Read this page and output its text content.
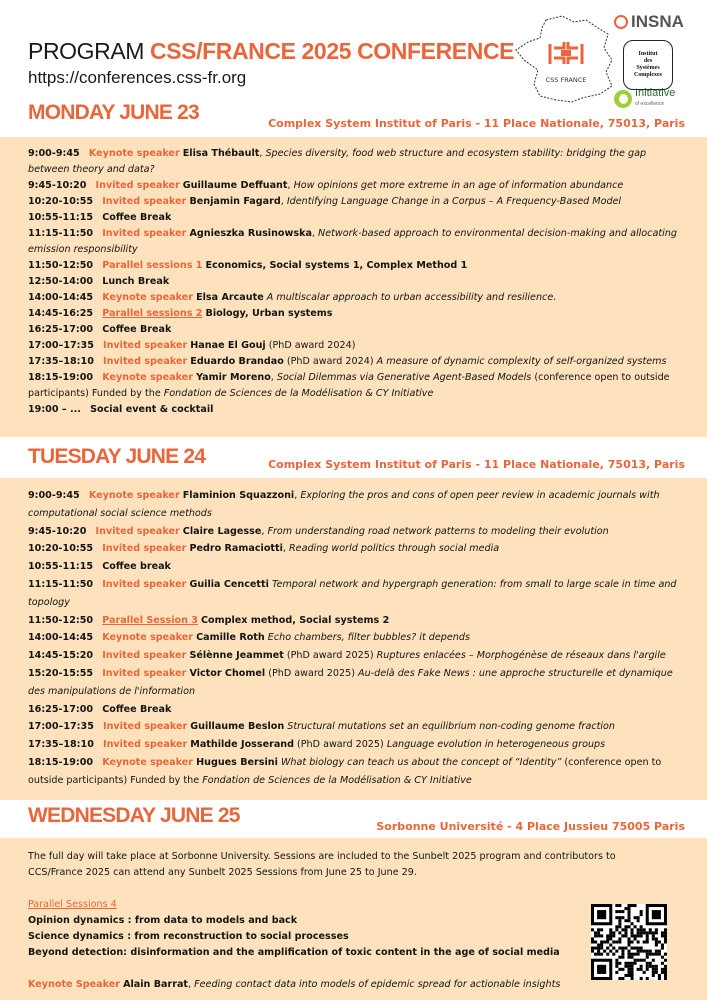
PROGRAM CSS/FRANCE 2025 CONFERENCE
https://conferences.css-fr.org	CSS FRANCE
INSNA
Institut
des
Systèmes
Complexes
Initiative
of excellence
MONDAY JUNE 23	Complex System Institut of Paris - 11 Place Nationale, 75013, Paris

9:00-9:45 Keynote speaker Elisa Thébault, Species diversity, food web structure and ecosystem stability: bridging the gap between theory and data?

9:45-10:20 Invited speaker Guillaume Deffuant, How opinions get more extreme in an age of information abundance

10:20-10:55 Invited speaker Benjamin Fagard, Identifying Language Change in a Corpus – A Frequency-Based Model

10:55-11:15 Coffee Break

11:15-11:50 Invited speaker Agnieszka Rusinowska, Network-based approach to environmental decision-making and allocating emission responsibility

11:50-12:50 Parallel sessions 1 Economics, Social systems 1, Complex Method 1

12:50-14:00 Lunch Break

14:00-14:45 Keynote speaker Elsa Arcaute A multiscalar approach to urban accessibility and resilience.

14:45-16:25 Parallel sessions 2 Biology, Urban systems

16:25-17:00 Coffee Break

17:00–17:35 Invited speaker Hanae El Gouj (PhD award 2024)

17:35–18:10 Invited speaker Eduardo Brandao (PhD award 2024) A measure of dynamic complexity of self-organized systems

18:15-19:00 Keynote speaker Yamir Moreno, Social Dilemmas via Generative Agent-Based Models (conference open to outside participants) Funded by the Fondation de Sciences de la Modélisation & CY Initiative

19:00 – ... Social event & cocktail

TUESDAY JUNE 24	Complex System Institut of Paris - 11 Place Nationale, 75013, Paris

9:00-9:45 Keynote speaker Flaminion Squazzoni, Exploring the pros and cons of open peer review in academic journals with computational social science methods

9:45-10:20 Invited speaker Claire Lagesse, From understanding road network patterns to modeling their evolution

10:20-10:55 Invited speaker Pedro Ramaciotti, Reading world politics through social media

10:55-11:15 Coffee break

11:15-11:50 Invited speaker Guilia Cencetti Temporal network and hypergraph generation: from small to large scale in time and topology

11:50-12:50 Parallel Session 3 Complex method, Social systems 2

14:00-14:45 Keynote speaker Camille Roth Echo chambers, filter bubbles? it depends

14:45-15:20 Invited speaker Sélènne Jeammet (PhD award 2025) Ruptures enlacées – Morphogénèse de réseaux dans l'argile

15:20-15:55 Invited speaker Victor Chomel (PhD award 2025) Au-delà des Fake News : une approche structurelle et dynamique des manipulations de l'information

16:25-17:00 Coffee Break

17:00–17:35 Invited speaker Guillaume Beslon Structural mutations set an equilibrium non-coding genome fraction

17:35–18:10 Invited speaker Mathilde Josserand (PhD award 2025) Language evolution in heterogeneous groups

18:15-19:00 Keynote speaker Hugues Bersini What biology can teach us about the concept of “Identity” (conference open to outside participants) Funded by the Fondation de Sciences de la Modélisation & CY Initiative

WEDNESDAY JUNE 25	Sorbonne Université - 4 Place Jussieu 75005 Paris

The full day will take place at Sorbonne University. Sessions are included to the Sunbelt 2025 program and contributors to CCS/France 2025 can attend any Sunbelt 2025 Sessions from June 25 to June 29.

Parallel Sessions 4

Opinion dynamics : from data to models and back

Science dynamics : from reconstruction to social processes

Beyond detection: disinformation and the amplification of toxic content in the age of social media

Keynote Speaker Alain Barrat, Feeding contact data into models of epidemic spread for actionable insights
